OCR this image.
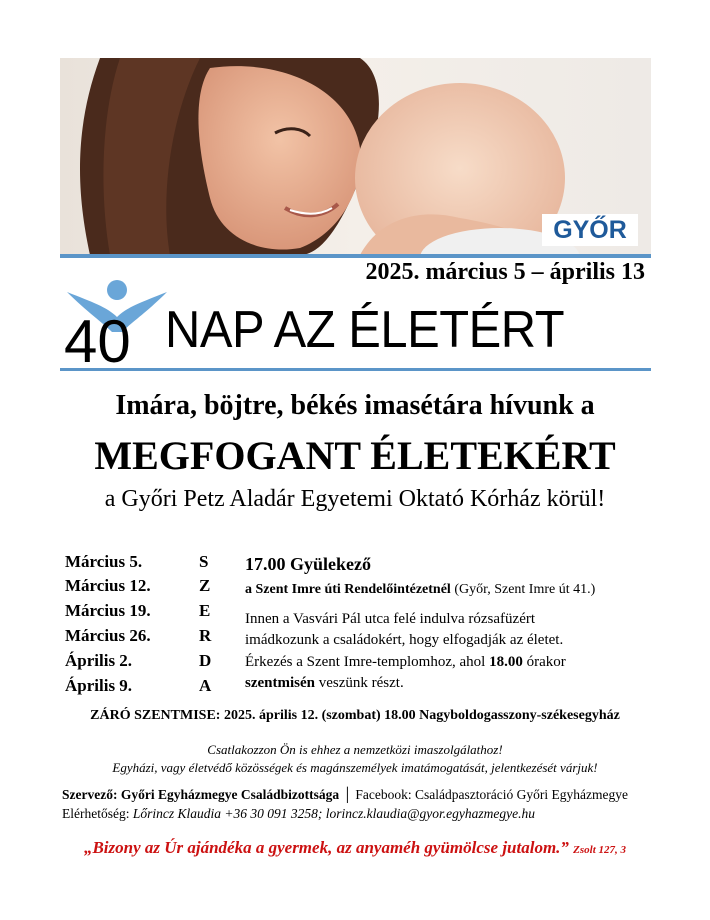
GYŐR
2025. március 5 – április 13
40 NAP AZ ÉLETÉRT
Imára, böjtre, békés imasétára hívunk a
MEGFOGANT ÉLETEKÉRT
a Győri Petz Aladár Egyetemi Oktató Kórház körül!
Március 5.	S
Március 12.	Z
Március 19.	E
Március 26.	R
Április 2.	D
Április 9.	A
17.00 Gyülekező
a Szent Imre úti Rendelőintézetnél (Győr, Szent Imre út 41.)
Innen a Vasvári Pál utca felé indulva rózsafüzért
imádkozunk a családokért, hogy elfogadják az életet.
Érkezés a Szent Imre-templomhoz, ahol 18.00 órakor
szentmisén veszünk részt.
ZÁRÓ SZENTMISE: 2025. április 12. (szombat) 18.00 Nagyboldogasszony-székesegyház
Csatlakozzon Ön is ehhez a nemzetközi imaszolgálathoz!
Egyházi, vagy életvédő közösségek és magánszemélyek imatámogatását, jelentkezését várjuk!
Szervező: Győri Egyházmegye Családbizottsága │ Facebook: Családpasztoráció Győri Egyházmegye
Elérhetőség: Lőrincz Klaudia +36 30 091 3258; lorincz.klaudia@gyor.egyhazmegye.hu
„Bizony az Úr ajándéka a gyermek, az anyaméh gyümölcse jutalom.” Zsolt 127, 3
